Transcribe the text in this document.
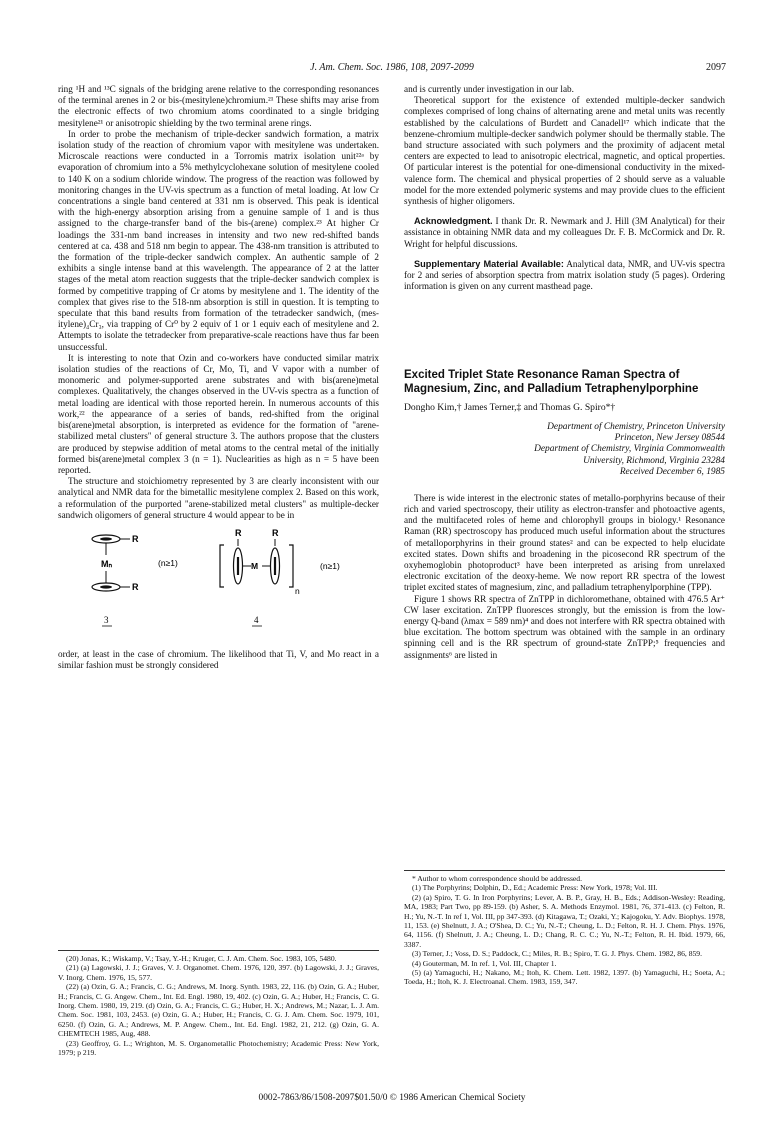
J. Am. Chem. Soc. 1986, 108, 2097-2099	2097

ring ¹H and ¹³C signals of the bridging arene relative to the corresponding resonances of the terminal arenes in 2 or bis-(mesitylene)chromium.²¹ These shifts may arise from the electronic effects of two chromium atoms coordinated to a single bridging mesitylene²¹ or anisotropic shielding by the two terminal arene rings.

In order to probe the mechanism of triple-decker sandwich formation, a matrix isolation study of the reaction of chromium vapor with mesitylene was undertaken. Microscale reactions were conducted in a Torromis matrix isolation unit²²ᵃ by evaporation of chromium into a 5% methylcyclohexane solution of mesitylene cooled to 140 K on a sodium chloride window. The progress of the reaction was followed by monitoring changes in the UV-vis spectrum as a function of metal loading. At low Cr concentrations a single band centered at 331 nm is observed. This peak is identical with the high-energy absorption arising from a genuine sample of 1 and is thus assigned to the charge-transfer band of the bis-(arene) complex.²³ At higher Cr loadings the 331-nm band increases in intensity and two new red-shifted bands centered at ca. 438 and 518 nm begin to appear. The 438-nm transition is attributed to the formation of the triple-decker sandwich complex. An authentic sample of 2 exhibits a single intense band at this wavelength. The appearance of 2 at the latter stages of the metal atom reaction suggests that the triple-decker sandwich complex is formed by competitive trapping of Cr atoms by mesitylene and 1. The identity of the complex that gives rise to the 518-nm absorption is still in question. It is tempting to speculate that this band results from formation of the tetradecker sandwich, (mes-itylene)₄Cr₃, via trapping of Cr⁰ by 2 equiv of 1 or 1 equiv each of mesitylene and 2. Attempts to isolate the tetradecker from preparative-scale reactions have thus far been unsuccessful.

It is interesting to note that Ozin and co-workers have conducted similar matrix isolation studies of the reactions of Cr, Mo, Ti, and V vapor with a number of monomeric and polymer-supported arene substrates and with bis(arene)metal complexes. Qualitatively, the changes observed in the UV-vis spectra as a function of metal loading are identical with those reported herein. In numerous accounts of this work,²² the appearance of a series of bands, red-shifted from the original bis(arene)metal absorption, is interpreted as evidence for the formation of "arene-stabilized metal clusters" of general structure 3. The authors propose that the clusters are produced by stepwise addition of metal atoms to the central metal of the initially formed bis(arene)metal complex 3 (n = 1). Nuclearities as high as n = 5 have been reported.

The structure and stoichiometry represented by 3 are clearly inconsistent with our analytical and NMR data for the bimetallic mesitylene complex 2. Based on this work, a reformulation of the purported "arene-stabilized metal clusters" as multiple-decker sandwich oligomers of general structure 4 would appear to be in

R
Mₙ
R
(n≥1)
3
R	R
M
n
(n≥1)
4

order, at least in the case of chromium. The likelihood that Ti, V, and Mo react in a similar fashion must be strongly considered

(20) Jonas, K.; Wiskamp, V.; Tsay, Y.-H.; Kruger, C. J. Am. Chem. Soc. 1983, 105, 5480.

(21) (a) Lagowski, J. J.; Graves, V. J. Organomet. Chem. 1976, 120, 397. (b) Lagowski, J. J.; Graves, V. Inorg. Chem. 1976, 15, 577.

(22) (a) Ozin, G. A.; Francis, C. G.; Andrews, M. Inorg. Synth. 1983, 22, 116. (b) Ozin, G. A.; Huber, H.; Francis, C. G. Angew. Chem., Int. Ed. Engl. 1980, 19, 402. (c) Ozin, G. A.; Huber, H.; Francis, C. G. Inorg. Chem. 1980, 19, 219. (d) Ozin, G. A.; Francis, C. G.; Huber, H. X.; Andrews, M.; Nazar, L. J. Am. Chem. Soc. 1981, 103, 2453. (e) Ozin, G. A.; Huber, H.; Francis, C. G. J. Am. Chem. Soc. 1979, 101, 6250. (f) Ozin, G. A.; Andrews, M. P. Angew. Chem., Int. Ed. Engl. 1982, 21, 212. (g) Ozin, G. A. CHEMTECH 1985, Aug, 488.

(23) Geoffroy, G. L.; Wrighton, M. S. Organometallic Photochemistry; Academic Press: New York, 1979; p 219.

and is currently under investigation in our lab.

Theoretical support for the existence of extended multiple-decker sandwich complexes comprised of long chains of alternating arene and metal units was recently established by the calculations of Burdett and Canadell¹⁷ which indicate that the benzene-chromium multiple-decker sandwich polymer should be thermally stable. The band structure associated with such polymers and the proximity of adjacent metal centers are expected to lead to anisotropic electrical, magnetic, and optical properties. Of particular interest is the potential for one-dimensional conductivity in the mixed-valence form. The chemical and physical properties of 2 should serve as a valuable model for the more extended polymeric systems and may provide clues to the efficient synthesis of higher oligomers.

Acknowledgment. I thank Dr. R. Newmark and J. Hill (3M Analytical) for their assistance in obtaining NMR data and my colleagues Dr. F. B. McCormick and Dr. R. Wright for helpful discussions.

Supplementary Material Available: Analytical data, NMR, and UV-vis spectra for 2 and series of absorption spectra from matrix isolation study (5 pages). Ordering information is given on any current masthead page.

Excited Triplet State Resonance Raman Spectra of Magnesium, Zinc, and Palladium Tetraphenylporphine
Dongho Kim,† James Terner,‡ and Thomas G. Spiro*†
Department of Chemistry, Princeton University
Princeton, New Jersey 08544
Department of Chemistry, Virginia Commonwealth
University, Richmond, Virginia 23284
Received December 6, 1985

There is wide interest in the electronic states of metallo-porphyrins because of their rich and varied spectroscopy, their utility as electron-transfer and photoactive agents, and the multifaceted roles of heme and chlorophyll groups in biology.¹ Resonance Raman (RR) spectroscopy has produced much useful information about the structures of metalloporphyrins in their ground states² and can be expected to help elucidate excited states. Down shifts and broadening in the picosecond RR spectrum of the oxyhemoglobin photoproduct³ have been interpreted as arising from unrelaxed electronic excitation of the deoxy-heme. We now report RR spectra of the lowest triplet excited states of magnesium, zinc, and palladium tetraphenylporphine (TPP).

Figure 1 shows RR spectra of ZnTPP in dichloromethane, obtained with 476.5 Ar⁺ CW laser excitation. ZnTPP fluoresces strongly, but the emission is from the low-energy Q-band (λmax = 589 nm)⁴ and does not interfere with RR spectra obtained with blue excitation. The bottom spectrum was obtained with the sample in an ordinary spinning cell and is the RR spectrum of ground-state ZnTPP;⁵ frequencies and assignments⁶ are listed in

* Author to whom correspondence should be addressed.

(1) The Porphyrins; Dolphin, D., Ed.; Academic Press: New York, 1978; Vol. III.

(2) (a) Spiro, T. G. In Iron Porphyrins; Lever, A. B. P., Gray, H. B., Eds.; Addison-Wesley: Reading, MA, 1983; Part Two, pp 89-159. (b) Asher, S. A. Methods Enzymol. 1981, 76, 371-413. (c) Felton, R. H.; Yu, N.-T. In ref 1, Vol. III, pp 347-393. (d) Kitagawa, T.; Ozaki, Y.; Kajogoku, Y. Adv. Biophys. 1978, 11, 153. (e) Shelnutt, J. A.; O'Shea, D. C.; Yu, N.-T.; Cheung, L. D.; Felton, R. H. J. Chem. Phys. 1976, 64, 1156. (f) Shelnutt, J. A.; Cheung, L. D.; Chang, R. C. C.; Yu, N.-T.; Felton, R. H. Ibid. 1979, 66, 3387.

(3) Terner, J.; Voss, D. S.; Paddock, C.; Miles, R. B.; Spiro, T. G. J. Phys. Chem. 1982, 86, 859.

(4) Gouterman, M. In ref. 1, Vol. III, Chapter 1.

(5) (a) Yamaguchi, H.; Nakano, M.; Itoh, K. Chem. Lett. 1982, 1397. (b) Yamaguchi, H.; Soeta, A.; Toeda, H.; Itoh, K. J. Electroanal. Chem. 1983, 159, 347.

0002-7863/86/1508-2097$01.50/0 © 1986 American Chemical Society
